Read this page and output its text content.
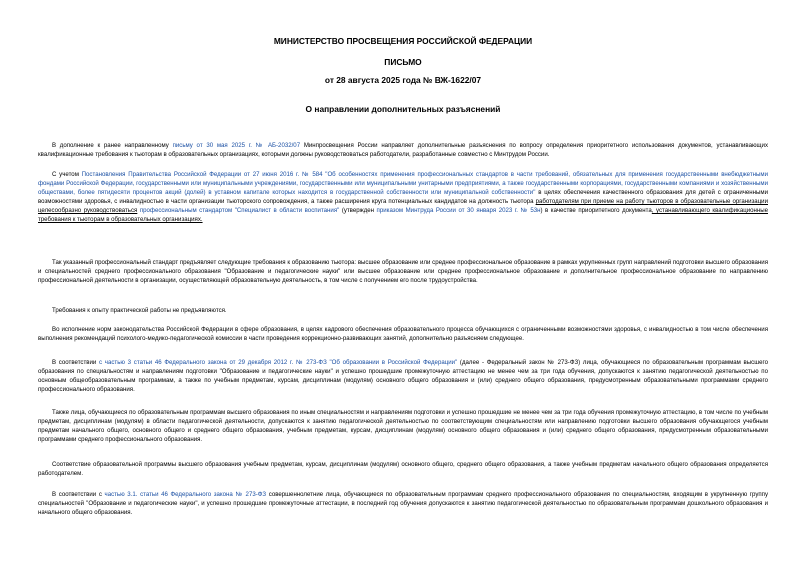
МИНИСТЕРСТВО ПРОСВЕЩЕНИЯ РОССИЙСКОЙ ФЕДЕРАЦИИ
ПИСЬМО
от 28 августа 2025 года № ВЖ-1622/07
О направлении дополнительных разъяснений

В дополнение к ранее направленному письму от 30 мая 2025 г. № АБ-2032/07 Минпросвещения России направляет дополнительные разъяснения по вопросу определения приоритетного использования документов, устанавливающих квалификационные требования к тьюторам в образовательных организациях, которыми должны руководствоваться работодатели, разработанные совместно с Минтрудом России.

С учетом Постановления Правительства Российской Федерации от 27 июня 2016 г. № 584 "Об особенностях применения профессиональных стандартов в части требований, обязательных для применения государственными внебюджетными фондами Российской Федерации, государственными или муниципальными учреждениями, государственными или муниципальными унитарными предприятиями, а также государственными корпорациями, государственными компаниями и хозяйственными обществами, более пятидесяти процентов акций (долей) в уставном капитале которых находится в государственной собственности или муниципальной собственности" в целях обеспечения качественного образования для детей с ограниченными возможностями здоровья, с инвалидностью в части организации тьюторского сопровождения, а также расширения круга потенциальных кандидатов на должность тьютора работодателям при приеме на работу тьюторов в образовательные организации целесообразно руководствоваться профессиональным стандартом "Специалист в области воспитания" (утвержден приказом Минтруда России от 30 января 2023 г. № 53н) в качестве приоритетного документа, устанавливающего квалификационные требования к тьюторам в образовательных организациях.

Так указанный профессиональный стандарт предъявляет следующие требования к образованию тьютора: высшее образование или среднее профессиональное образование в рамках укрупненных групп направлений подготовки высшего образования и специальностей среднего профессионального образования "Образование и педагогические науки" или высшее образование или среднее профессиональное образование и дополнительное профессиональное образование по направлению профессиональной деятельности в организации, осуществляющей образовательную деятельность, в том числе с получением его после трудоустройства.

Требования к опыту практической работы не предъявляются.

Во исполнение норм законодательства Российской Федерации в сфере образования, в целях кадрового обеспечения образовательного процесса обучающихся с ограниченными возможностями здоровья, с инвалидностью в том числе обеспечения выполнения рекомендаций психолого-медико-педагогической комиссии в части проведения коррекционно-развивающих занятий, дополнительно разъясняем следующее.

В соответствии с частью 3 статьи 46 Федерального закона от 29 декабря 2012 г. № 273-ФЗ "Об образовании в Российской Федерации" (далее - Федеральный закон № 273-ФЗ) лица, обучающиеся по образовательным программам высшего образования по специальностям и направлениям подготовки "Образование и педагогические науки" и успешно прошедшие промежуточную аттестацию не менее чем за три года обучения, допускаются к занятию педагогической деятельностью по основным общеобразовательным программам, а также по учебным предметам, курсам, дисциплинам (модулям) основного общего образования и (или) среднего общего образования, предусмотренным образовательными программами среднего профессионального образования.

Также лица, обучающиеся по образовательным программам высшего образования по иным специальностям и направлениям подготовки и успешно прошедшие не менее чем за три года обучения промежуточную аттестацию, в том числе по учебным предметам, дисциплинам (модулям) в области педагогической деятельности, допускаются к занятию педагогической деятельностью по соответствующим специальностям или направлению подготовки высшего образования обучающегося учебным предметам начального общего, основного общего и среднего общего образования, учебным предметам, курсам, дисциплинам (модулям) основного общего образования и (или) среднего общего образования, предусмотренным образовательными программами среднего профессионального образования.

Соответствие образовательной программы высшего образования учебным предметам, курсам, дисциплинам (модулям) основного общего, среднего общего образования, а также учебным предметам начального общего образования определяется работодателем.

В соответствии с частью 3.1. статьи 46 Федерального закона № 273-ФЗ совершеннолетние лица, обучающиеся по образовательным программам среднего профессионального образования по специальностям, входящим в укрупненную группу специальностей "Образование и педагогические науки", и успешно прошедшие промежуточные аттестации, в последний год обучения допускаются к занятию педагогической деятельностью по образовательным программам дошкольного образования и начального общего образования.
